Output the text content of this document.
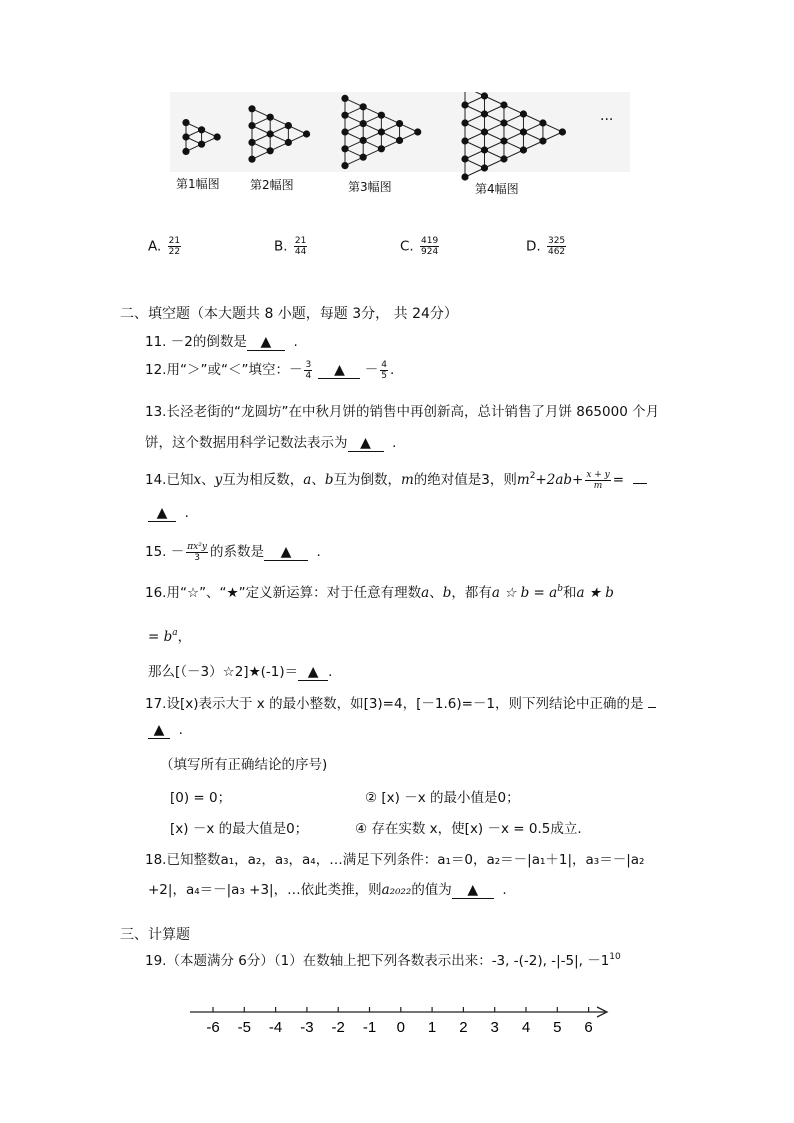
第1幅图	第2幅图	第3幅图	第4幅图
···
A. $\frac{21}{22}$	B. $\frac{21}{44}$	C. $\frac{419}{924}$	D. $\frac{325}{462}$
二、填空题（本大题共 8 小题，每题 3分， 共 24分）
11. －2的倒数是 ▲ .
12.用“＞”或“＜”填空：－ $\frac{3}{4}$ ▲ － $\frac{4}{5}$ .
13.长泾老街的“龙圆坊”在中秋月饼的销售中再创新高，总计销售了月饼 865000 个月
饼，这个数据用科学记数法表示为 ▲ .
14.已知x、y互为相反数，a、b互为倒数，m的绝对值是3，则$m^2+2ab+ \frac{x + y}{m}$ =
▲ .
15. － $\frac{\text{πx²y}}{3}$ 的系数是 ▲ .
16.用“☆”、“★”定义新运算：对于任意有理数a、b，都有a ☆ $b = a^b$和a ★ b
= $b^a$，
那么[（－3）☆2]★(-1)＝ ▲ .
17.设[x)表示大于 x 的最小整数，如[3)=4，[－1.6)=－1，则下列结论中正确的是
▲ .
（填写所有正确结论的序号)
[0) = 0；	② [x) －x 的最小值是0；
[x) －x 的最大值是0；	④ 存在实数 x，使[x) －x = 0.5成立.
18.已知整数a₁，a₂，a₃，a₄，…满足下列条件：a₁＝0，a₂＝－|a₁＋1|，a₃＝－|a₂
+2|，a₄＝－|a₃ +3|，…依此类推，则a₂₀₂₂的值为 ▲ .
三、计算题
19.（本题满分 6分）（1）在数轴上把下列各数表示出来：-3, -(-2), -|-5|, $-1^{10}$
-6 -5 -4 -3 -2 -1 0 1 2 3 4 5 6
